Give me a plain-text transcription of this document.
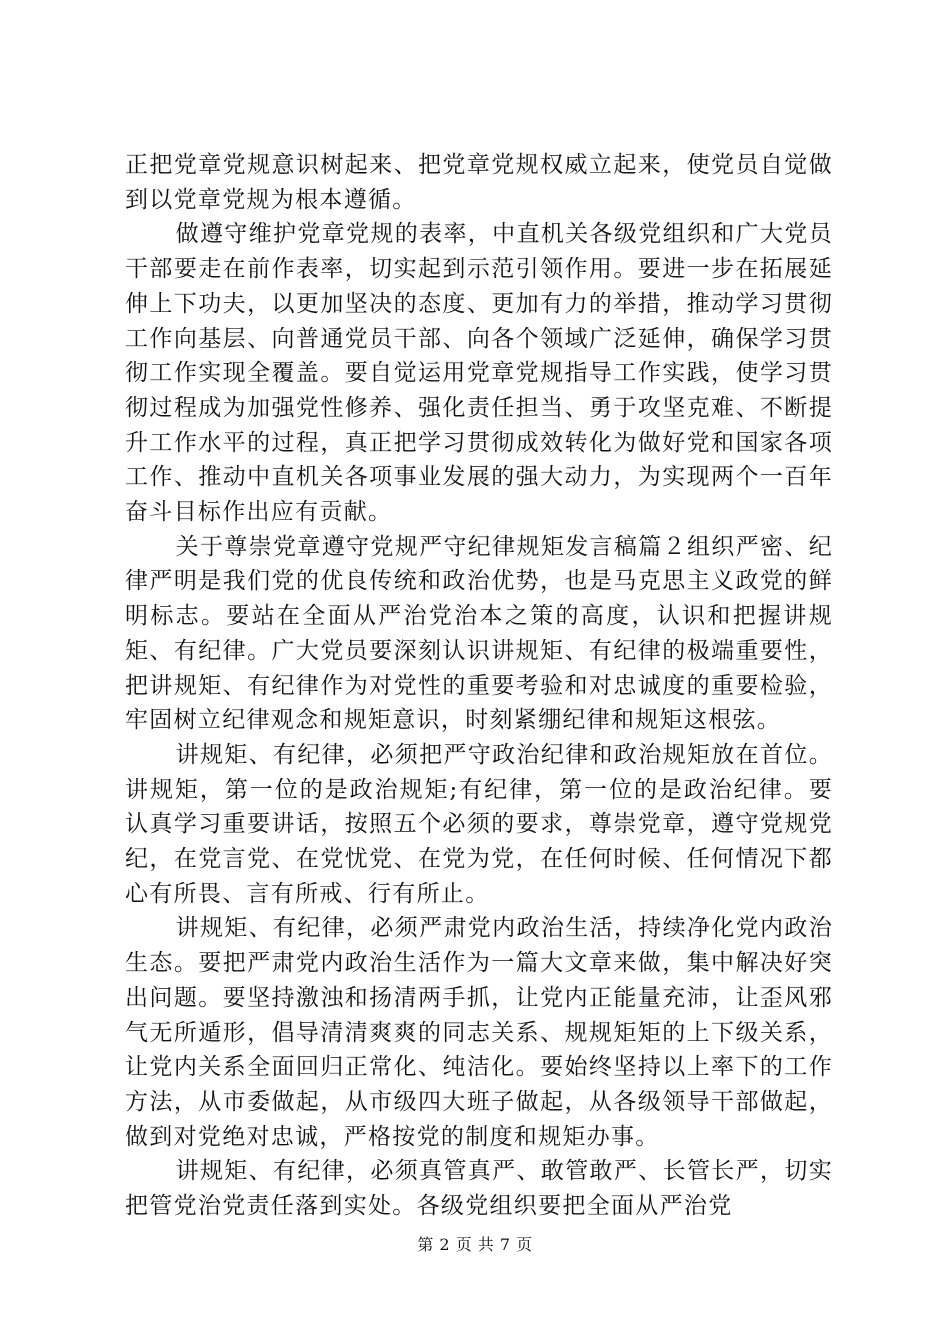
正把党章党规意识树起来、把党章党规权威立起来，使党员自觉做到以党章党规为根本遵循。

做遵守维护党章党规的表率，中直机关各级党组织和广大党员干部要走在前作表率，切实起到示范引领作用。要进一步在拓展延伸上下功夫，以更加坚决的态度、更加有力的举措，推动学习贯彻工作向基层、向普通党员干部、向各个领域广泛延伸，确保学习贯彻工作实现全覆盖。要自觉运用党章党规指导工作实践，使学习贯彻过程成为加强党性修养、强化责任担当、勇于攻坚克难、不断提升工作水平的过程，真正把学习贯彻成效转化为做好党和国家各项工作、推动中直机关各项事业发展的强大动力，为实现两个一百年奋斗目标作出应有贡献。

关于尊崇党章遵守党规严守纪律规矩发言稿篇２组织严密、纪律严明是我们党的优良传统和政治优势，也是马克思主义政党的鲜明标志。要站在全面从严治党治本之策的高度，认识和把握讲规矩、有纪律。广大党员要深刻认识讲规矩、有纪律的极端重要性，把讲规矩、有纪律作为对党性的重要考验和对忠诚度的重要检验，牢固树立纪律观念和规矩意识，时刻紧绷纪律和规矩这根弦。

讲规矩、有纪律，必须把严守政治纪律和政治规矩放在首位。讲规矩，第一位的是政治规矩;有纪律，第一位的是政治纪律。要认真学习重要讲话，按照五个必须的要求，尊崇党章，遵守党规党纪，在党言党、在党忧党、在党为党，在任何时候、任何情况下都心有所畏、言有所戒、行有所止。

讲规矩、有纪律，必须严肃党内政治生活，持续净化党内政治生态。要把严肃党内政治生活作为一篇大文章来做，集中解决好突出问题。要坚持激浊和扬清两手抓，让党内正能量充沛，让歪风邪气无所遁形，倡导清清爽爽的同志关系、规规矩矩的上下级关系，让党内关系全面回归正常化、纯洁化。要始终坚持以上率下的工作方法，从市委做起，从市级四大班子做起，从各级领导干部做起，做到对党绝对忠诚，严格按党的制度和规矩办事。

讲规矩、有纪律，必须真管真严、敢管敢严、长管长严，切实把管党治党责任落到实处。各级党组织要把全面从严治党

第 2 页 共 7 页
